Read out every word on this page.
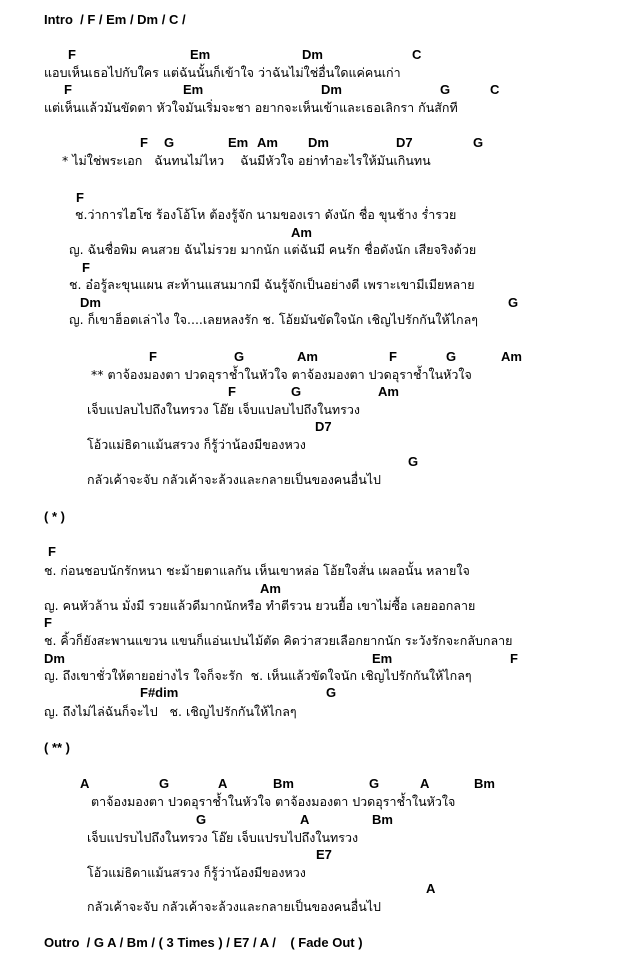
Intro  / F / Em / Dm / C /
F	Em	Dm	C
แอบเห็นเธอไปกับใคร แต่ฉันนั้นก็เข้าใจ ว่าฉันไม่ใช่อื่นใดแค่คนเก่า
F	Em	Dm	G	C
แต่เห็นแล้วมันขัดตา หัวใจมันเริ่มจะชา อยากจะเห็นเข้าและเธอเลิกรา กันสักที
F G	Em Am Dm	D7	G
* ไม่ใช่พระเอก   ฉันทนไม่ไหว    ฉันมีหัวใจ อย่าทำอะไรให้มันเกินทน
F
ช.ว่าการไฮโซ ร้องโอ้โห ต้องรู้จัก นามของเรา ดังนัก ชื่อ ขุนช้าง ร่ำรวย
Am
ญ. ฉันชื่อพิม คนสวย ฉันไม่รวย มากนัก แต่ฉันมี คนรัก ชื่อดังนัก เสียจริงด้วย
F
ช. อ๋อรู้ละขุนแผน สะท้านแสนมากมี ฉันรู้จักเป็นอย่างดี เพราะเขามีเมียหลาย
Dm	G
ญ. ก็เขาฮ็อตเล่าไง ใจ....เลยหลงรัก ช. โอ้ยมันขัดใจนัก เชิญไปรักกันให้ไกลๆ
F	G	Am	F	G	Am
** ตาจ้องมองตา ปวดอุราช้ำในหัวใจ ตาจ้องมองตา ปวดอุราช้ำในหัวใจ
F	G	Am
เจ็บแปลบไปถึงในทรวง โอ๊ย เจ็บแปลบไปถึงในทรวง
D7
โอ้วแม่ธิดาแม้นสรวง ก็รู้ว่าน้องมีของหวง
G
กลัวเค้าจะจับ กลัวเค้าจะล้วงและกลายเป็นของคนอื่นไป
( * )
F
ช. ก่อนชอบนักรักหนา ชะม้ายตาแลกัน เห็นเขาหล่อ โอ้ยใจสั่น เผลอนั้น หลายใจ
Am
ญ. คนหัวล้าน มั่งมี รวยแล้วดีมากนักหรือ ทำตีรวน ยวนยื้อ เขาไม่ซื้อ เลยออกลาย
F
ช. คิ้วก็ยังสะพานแขวน แขนก็แอ่นเปนไม้ตัด คิดว่าสวยเลือกยากนัก ระวังรักจะกลับกลาย
Dm	Em	F
ญ. ถึงเขาชั่วให้ตายอย่างไร ใจก็จะรัก  ช. เห็นแล้วขัดใจนัก เชิญไปรักกันให้ไกลๆ
F#dim	G
ญ. ถึงไม่ไล่ฉันก็จะไป   ช. เชิญไปรักกันให้ไกลๆ
( ** )
A	G	A	Bm	G	A	Bm
ตาจ้องมองตา ปวดอุราช้ำในหัวใจ ตาจ้องมองตา ปวดอุราช้ำในหัวใจ
G	A	Bm
เจ็บแปรบไปถึงในทรวง โอ๊ย เจ็บแปรบไปถึงในทรวง
E7
โอ้วแม่ธิดาแม้นสรวง ก็รู้ว่าน้องมีของหวง
A
กลัวเค้าจะจับ กลัวเค้าจะล้วงและกลายเป็นของคนอื่นไป
Outro  / G A / Bm / ( 3 Times ) / E7 / A /    ( Fade Out )
